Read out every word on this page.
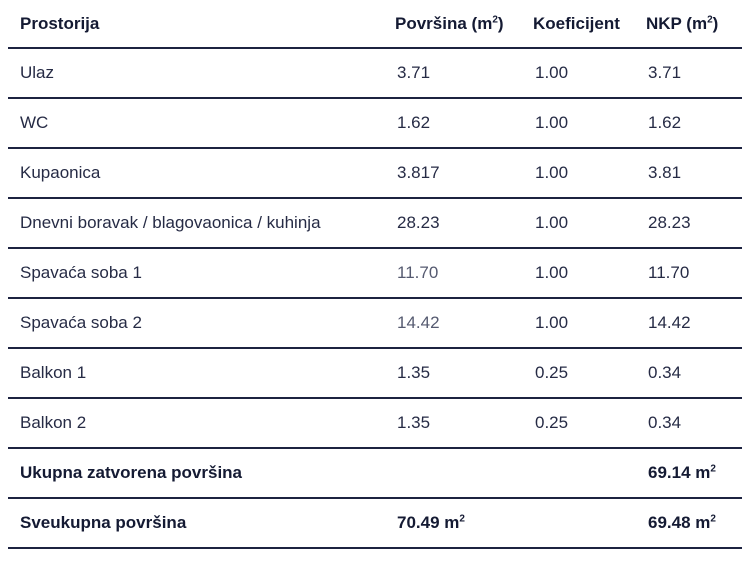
Prostorija	Površina $(m^2)$	Koeficijent	NKP $(m^2)$
Ulaz	3.71	1.00	3.71
WC	1.62	1.00	1.62
Kupaonica	3.817	1.00	3.81
Dnevni boravak / blagovaonica / kuhinja	28.23	1.00	28.23
Spavaća soba 1	11.70	1.00	11.70
Spavaća soba 2	14.42	1.00	14.42
Balkon 1	1.35	0.25	0.34
Balkon 2	1.35	0.25	0.34
Ukupna zatvorena površina			69.14 $m^2$
Sveukupna površina	70.49 $m^2$		69.48 $m^2$
